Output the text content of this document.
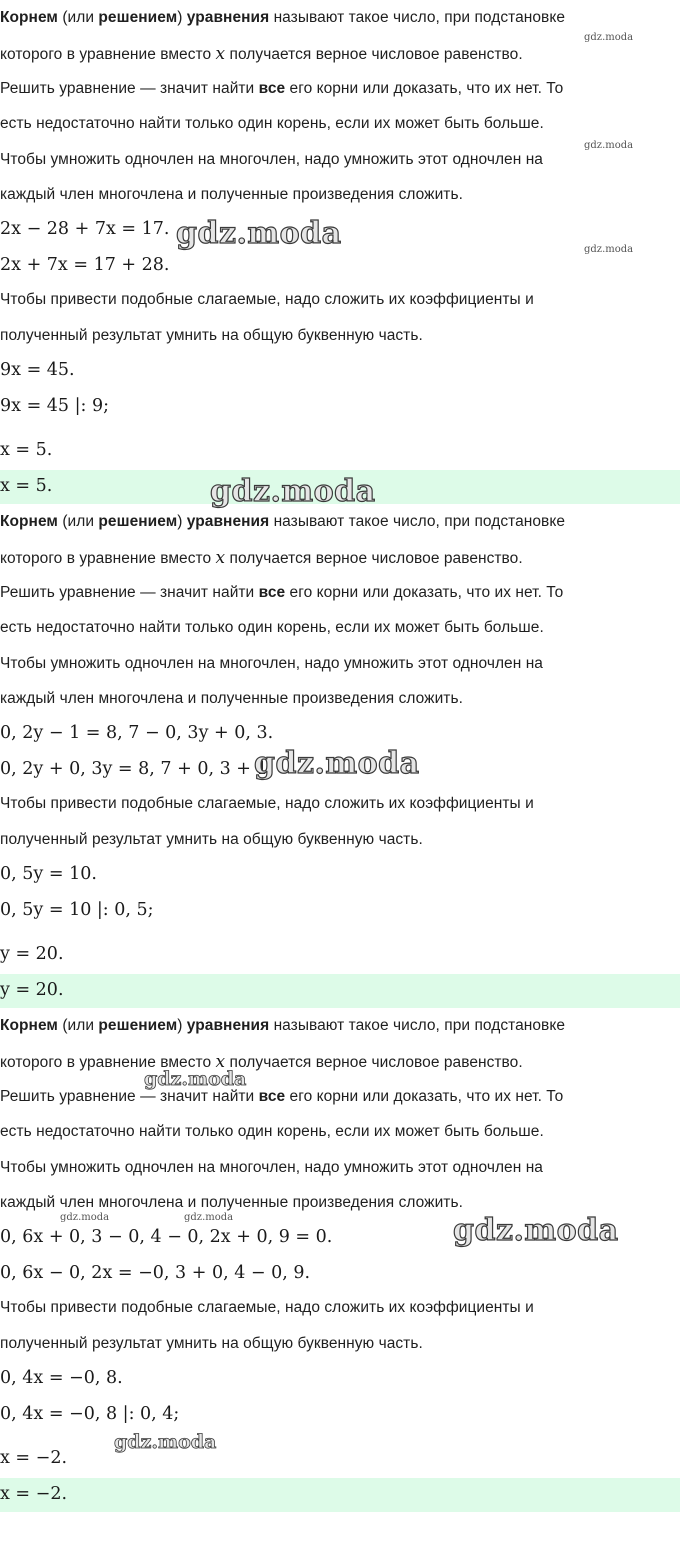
Корнем (или решением) уравнения называют такое число, при подстановке
которого в уравнение вместо x получается верное числовое равенство.
Решить уравнение — значит найти все его корни или доказать, что их нет. То
есть недостаточно найти только один корень, если их может быть больше.
Чтобы умножить одночлен на многочлен, надо умножить этот одночлен на
каждый член многочлена и полученные произведения сложить.
2x − 28 + 7x = 17.
2x + 7x = 17 + 28.
Чтобы привести подобные слагаемые, надо сложить их коэффициенты и
полученный результат умнить на общую буквенную часть.
9x = 45.
9x = 45 |: 9;
x = 5.
x = 5.
Корнем (или решением) уравнения называют такое число, при подстановке
которого в уравнение вместо x получается верное числовое равенство.
Решить уравнение — значит найти все его корни или доказать, что их нет. То
есть недостаточно найти только один корень, если их может быть больше.
Чтобы умножить одночлен на многочлен, надо умножить этот одночлен на
каждый член многочлена и полученные произведения сложить.
0, 2y − 1 = 8, 7 − 0, 3y + 0, 3.
0, 2y + 0, 3y = 8, 7 + 0, 3 + 1.
Чтобы привести подобные слагаемые, надо сложить их коэффициенты и
полученный результат умнить на общую буквенную часть.
0, 5y = 10.
0, 5y = 10 |: 0, 5;
y = 20.
y = 20.
Корнем (или решением) уравнения называют такое число, при подстановке
которого в уравнение вместо x получается верное числовое равенство.
Решить уравнение — значит найти все его корни или доказать, что их нет. То
есть недостаточно найти только один корень, если их может быть больше.
Чтобы умножить одночлен на многочлен, надо умножить этот одночлен на
каждый член многочлена и полученные произведения сложить.
0, 6x + 0, 3 − 0, 4 − 0, 2x + 0, 9 = 0.
0, 6x − 0, 2x = −0, 3 + 0, 4 − 0, 9.
Чтобы привести подобные слагаемые, надо сложить их коэффициенты и
полученный результат умнить на общую буквенную часть.
0, 4x = −0, 8.
0, 4x = −0, 8 |: 0, 4;
x = −2.
x = −2.
gdz.moda
gdz.moda
gdz.moda	gdz.moda
gdz.moda
gdz.moda
gdz.moda
gdz.moda	gdz.moda	gdz.moda
gdz.moda
